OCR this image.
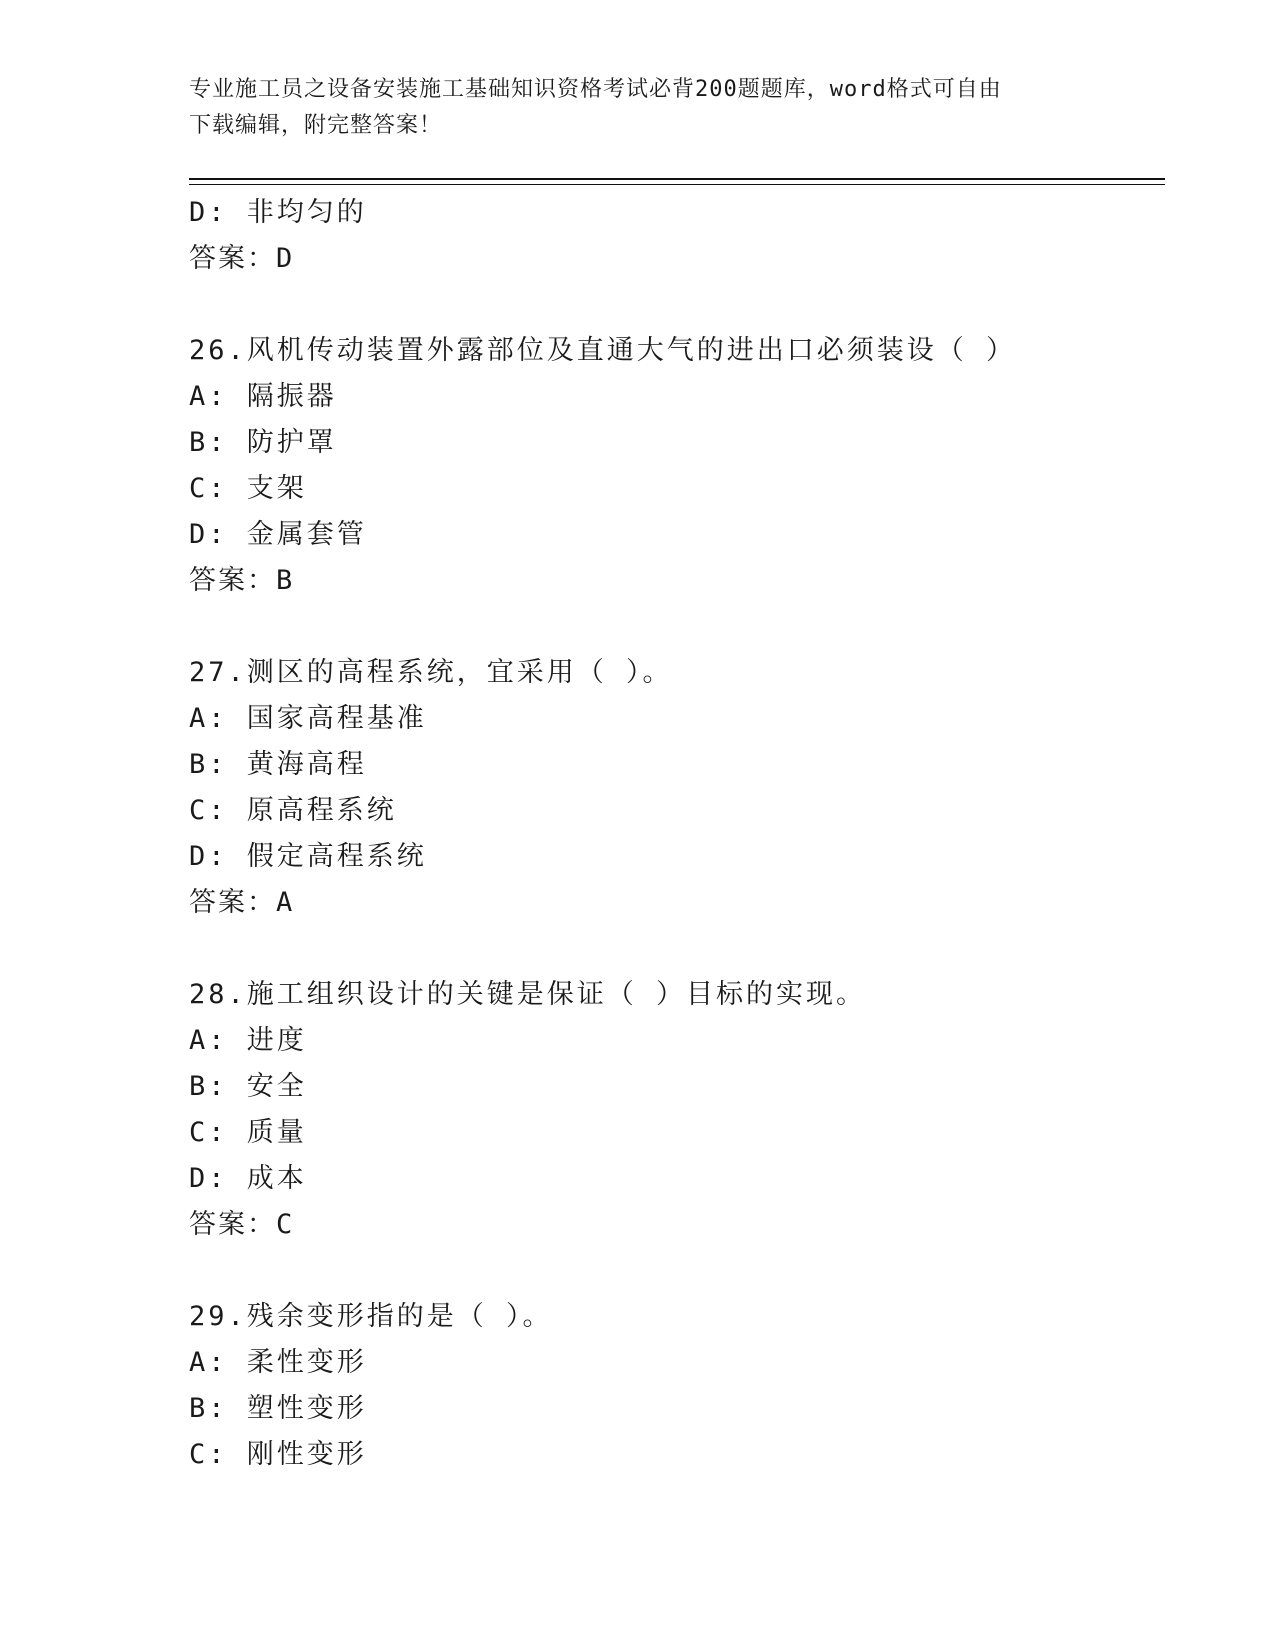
专业施工员之设备安装施工基础知识资格考试必背200题题库，word格式可自由
下载编辑，附完整答案！
D: 非均匀的
答案：D
26.风机传动装置外露部位及直通大气的进出口必须装设（ ）
A: 隔振器
B: 防护罩
C: 支架
D: 金属套管
答案：B
27.测区的高程系统，宜采用（ ）。
A: 国家高程基准
B: 黄海高程
C: 原高程系统
D: 假定高程系统
答案：A
28.施工组织设计的关键是保证（ ）目标的实现。
A: 进度
B: 安全
C: 质量
D: 成本
答案：C
29.残余变形指的是（ ）。
A: 柔性变形
B: 塑性变形
C: 刚性变形
